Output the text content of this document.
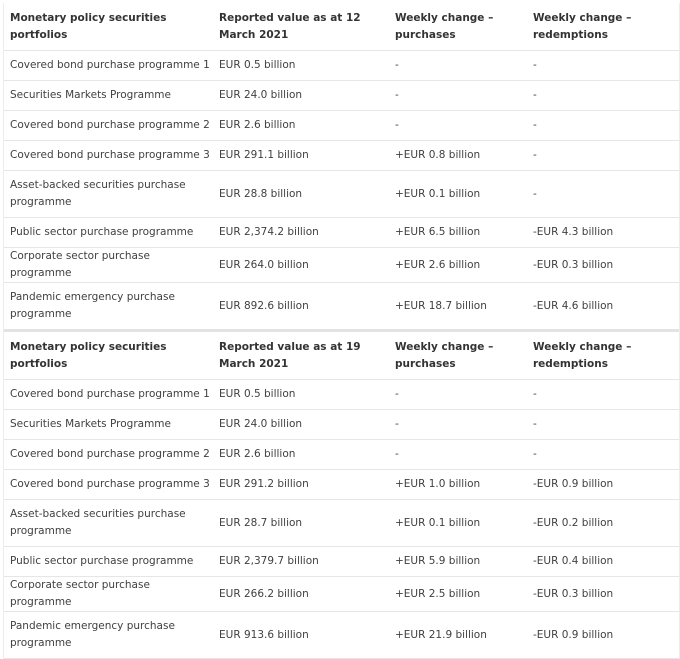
Monetary policy securities portfolios	Reported value as at 12 March 2021	Weekly change – purchases	Weekly change – redemptions
Covered bond purchase programme 1	EUR 0.5 billion	-	-
Securities Markets Programme	EUR 24.0 billion	-	-
Covered bond purchase programme 2	EUR 2.6 billion	-	-
Covered bond purchase programme 3	EUR 291.1 billion	+EUR 0.8 billion	-
Asset-backed securities purchase programme	EUR 28.8 billion	+EUR 0.1 billion	-
Public sector purchase programme	EUR 2,374.2 billion	+EUR 6.5 billion	-EUR 4.3 billion
Corporate sector purchase programme	EUR 264.0 billion	+EUR 2.6 billion	-EUR 0.3 billion
Pandemic emergency purchase programme	EUR 892.6 billion	+EUR 18.7 billion	-EUR 4.6 billion
Monetary policy securities portfolios	Reported value as at 19 March 2021	Weekly change – purchases	Weekly change – redemptions
Covered bond purchase programme 1	EUR 0.5 billion	-	-
Securities Markets Programme	EUR 24.0 billion	-	-
Covered bond purchase programme 2	EUR 2.6 billion	-	-
Covered bond purchase programme 3	EUR 291.2 billion	+EUR 1.0 billion	-EUR 0.9 billion
Asset-backed securities purchase programme	EUR 28.7 billion	+EUR 0.1 billion	-EUR 0.2 billion
Public sector purchase programme	EUR 2,379.7 billion	+EUR 5.9 billion	-EUR 0.4 billion
Corporate sector purchase programme	EUR 266.2 billion	+EUR 2.5 billion	-EUR 0.3 billion
Pandemic emergency purchase programme	EUR 913.6 billion	+EUR 21.9 billion	-EUR 0.9 billion
